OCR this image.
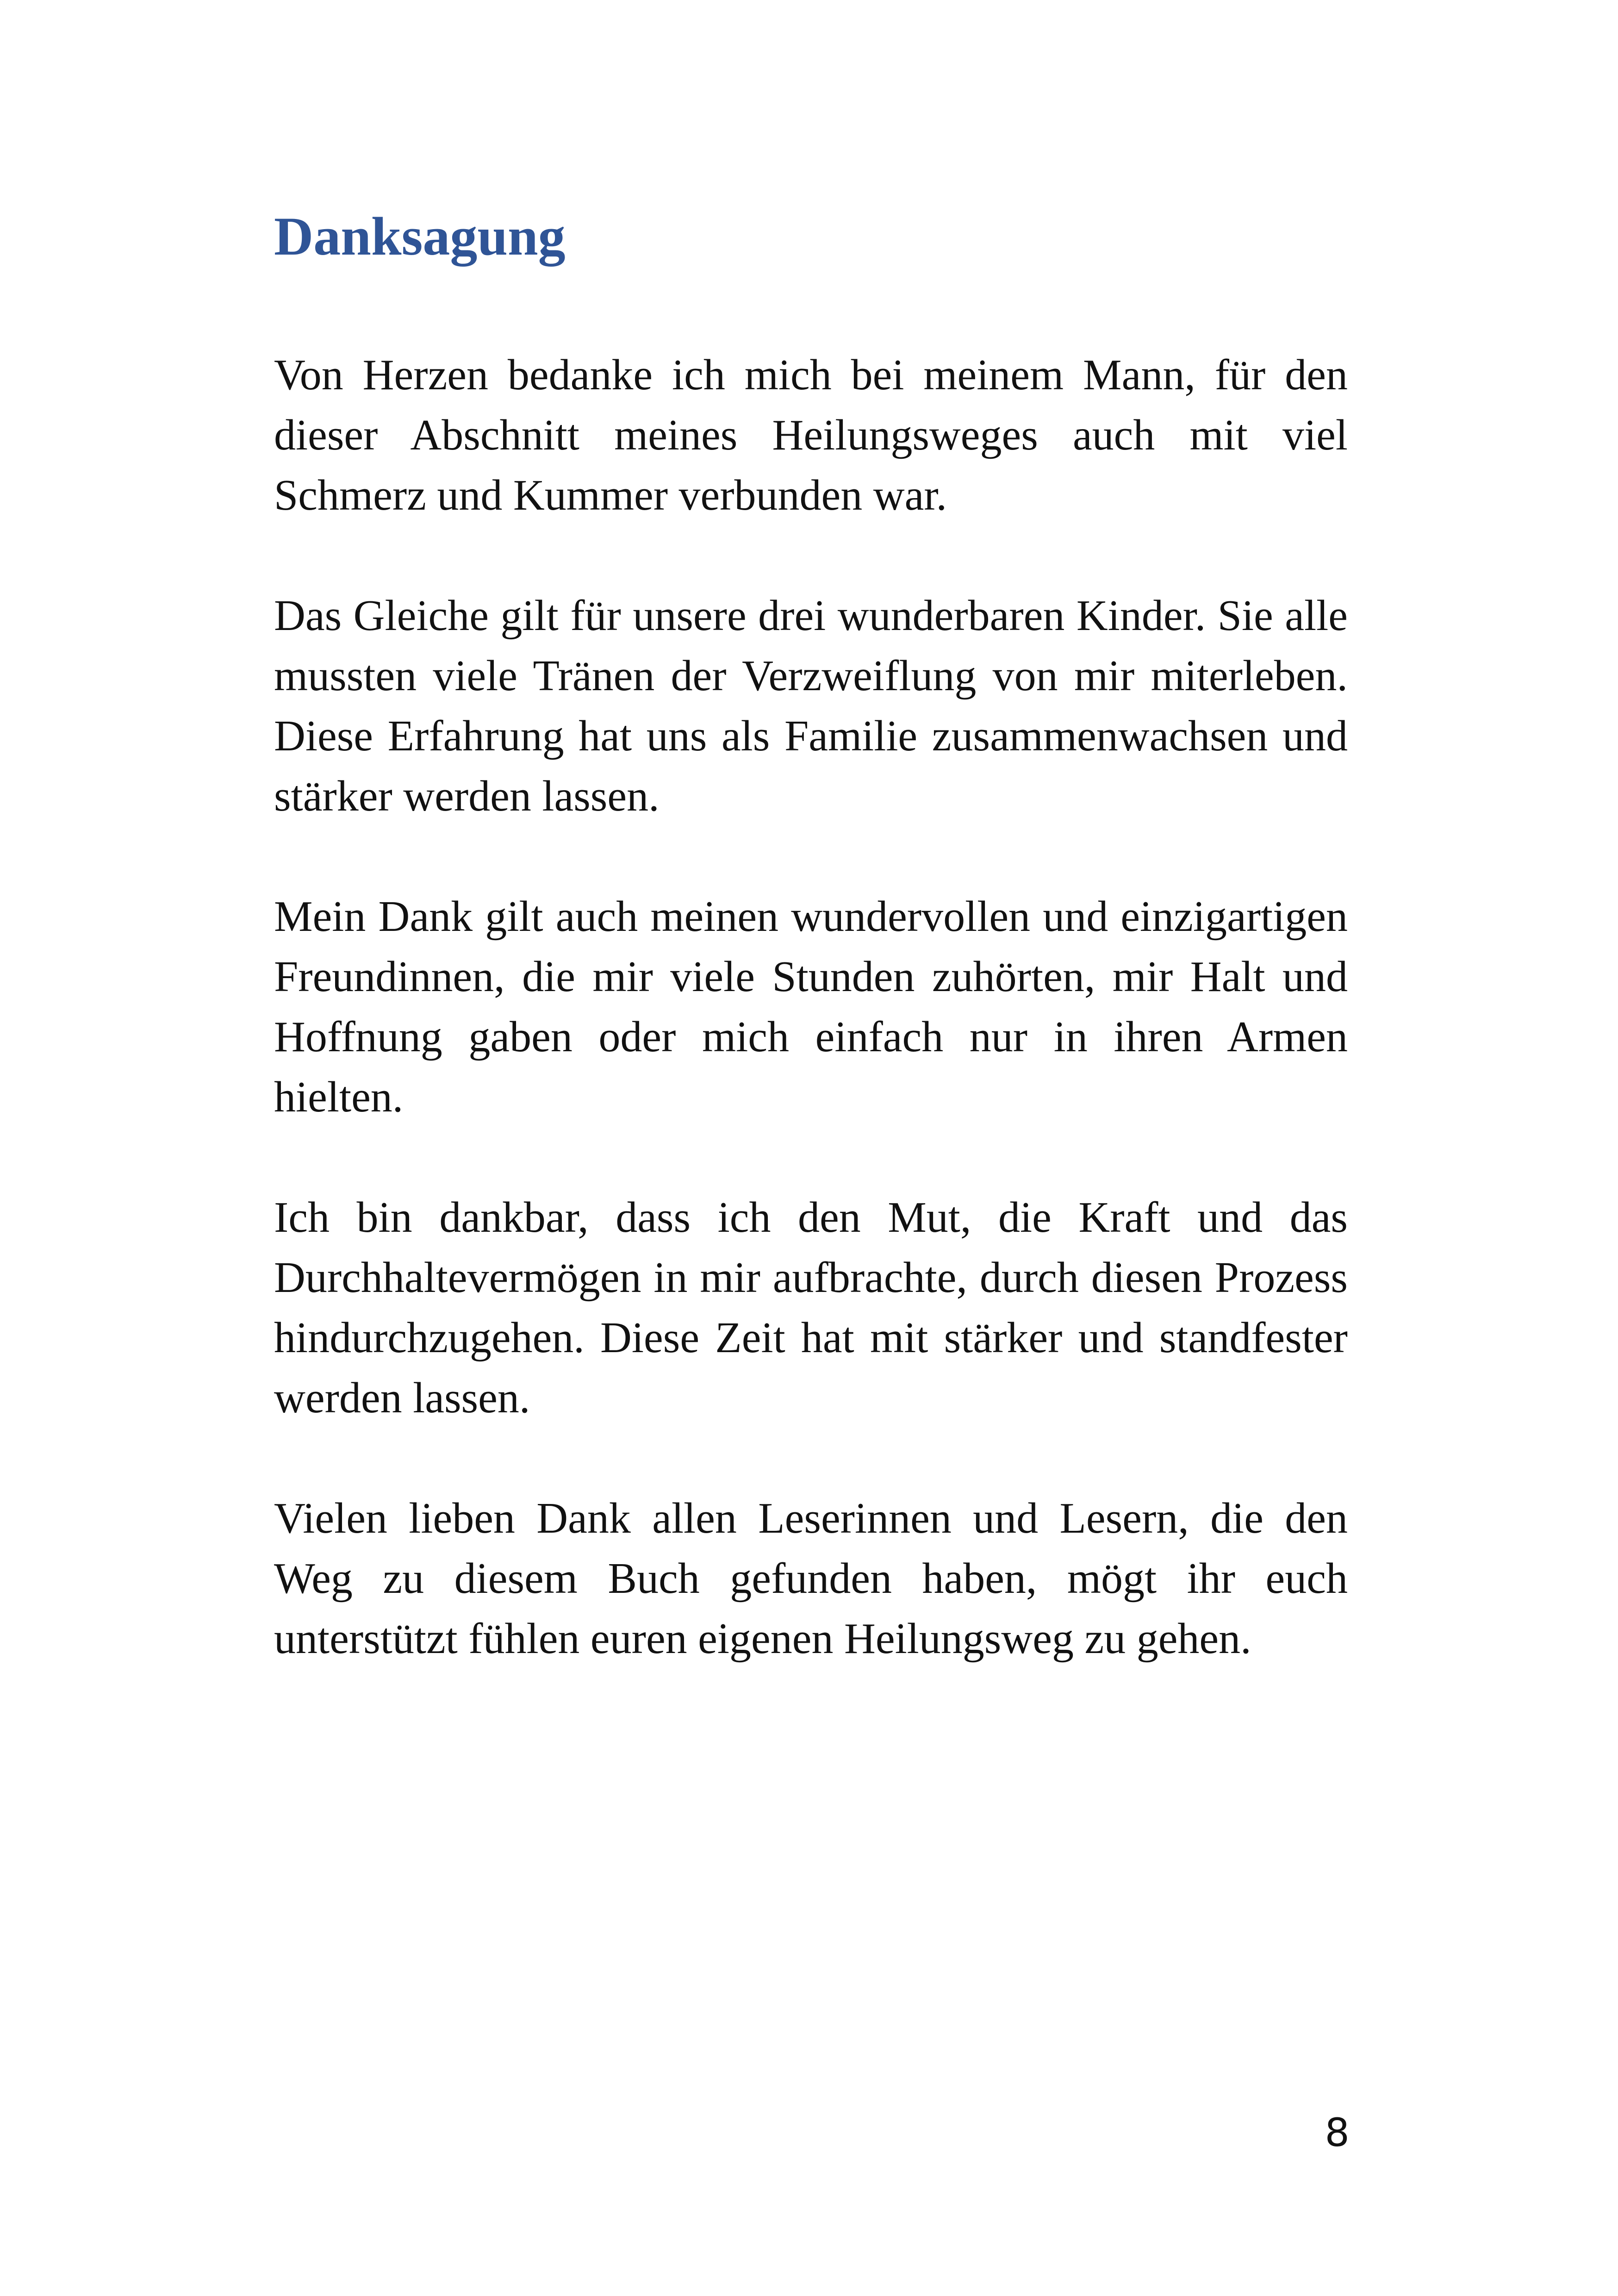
Danksagung

Von Herzen bedanke ich mich bei meinem Mann, für den dieser Abschnitt meines Heilungsweges auch mit viel Schmerz und Kummer verbunden war.

Das Gleiche gilt für unsere drei wunderbaren Kinder. Sie alle mussten viele Tränen der Verzweiflung von mir miterleben. Diese Erfahrung hat uns als Familie zusammenwachsen und stärker werden lassen.

Mein Dank gilt auch meinen wundervollen und einzigartigen Freundinnen, die mir viele Stunden zuhörten, mir Halt und Hoffnung gaben oder mich einfach nur in ihren Armen hielten.

Ich bin dankbar, dass ich den Mut, die Kraft und das Durchhaltevermögen in mir aufbrachte, durch diesen Prozess hindurchzugehen. Diese Zeit hat mit stärker und standfester werden lassen.

Vielen lieben Dank allen Leserinnen und Lesern, die den Weg zu diesem Buch gefunden haben, mögt ihr euch unterstützt fühlen euren eigenen Heilungsweg zu gehen.

8
